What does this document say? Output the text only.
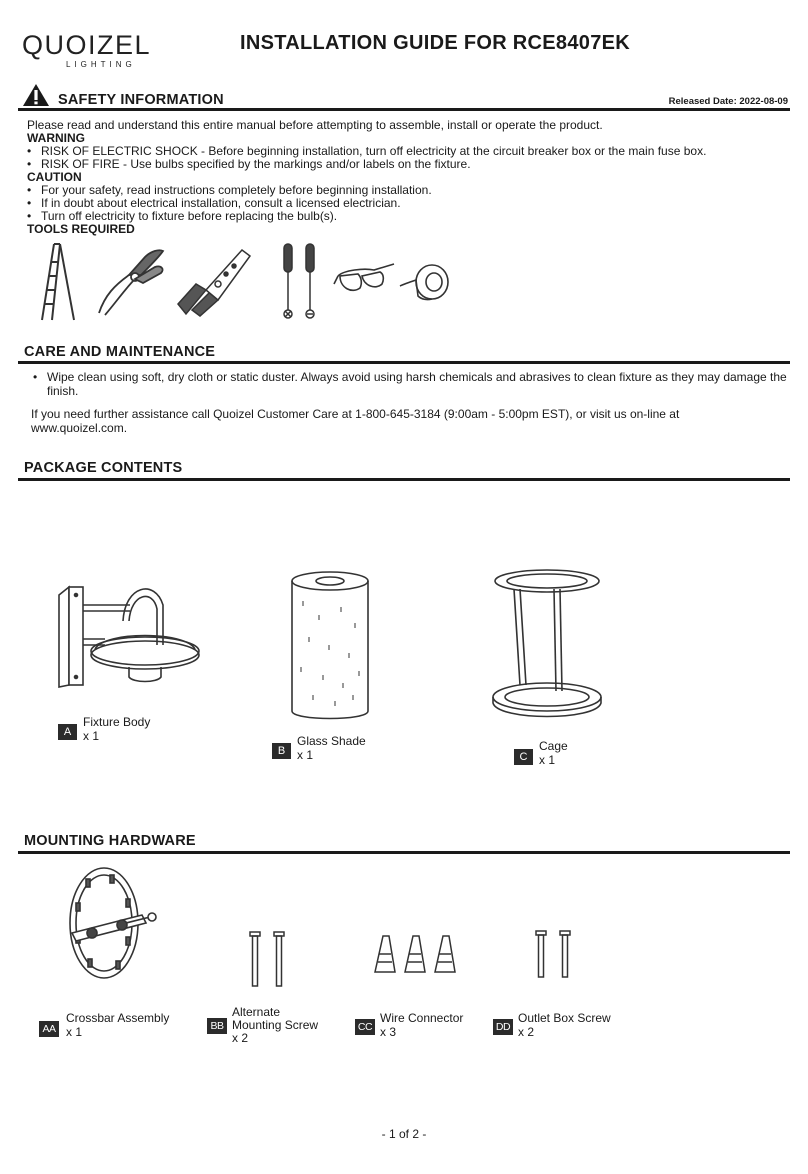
QUOIZEL
LIGHTING
INSTALLATION GUIDE FOR RCE8407EK
SAFETY INFORMATION	Released Date: 2022-08-09
Please read and understand this entire manual before attempting to assemble, install or operate the product.
WARNING
• RISK OF ELECTRIC SHOCK - Before beginning installation, turn off electricity at the circuit breaker box or the main fuse box.
• RISK OF FIRE - Use bulbs specified by the markings and/or labels on the fixture.
CAUTION
• For your safety, read instructions completely before beginning installation.
• If in doubt about electrical installation, consult a licensed electrician.
• Turn off electricity to fixture before replacing the bulb(s).
TOOLS REQUIRED
CARE AND MAINTENANCE
• Wipe clean using soft, dry cloth or static duster. Always avoid using harsh chemicals and abrasives to clean fixture as they may damage the finish.
If you need further assistance call Quoizel Customer Care at 1-800-645-3184 (9:00am - 5:00pm EST), or visit us on-line at www.quoizel.com.
PACKAGE CONTENTS
A
Fixture Body
x 1
B
Glass Shade
x 1	C
Cage
x 1
MOUNTING HARDWARE
AA
Crossbar Assembly
x 1	BB
Alternate
Mounting Screw
x 2
CC
Wire Connector
x 3	DD
Outlet Box Screw
x 2
- 1 of 2 -
